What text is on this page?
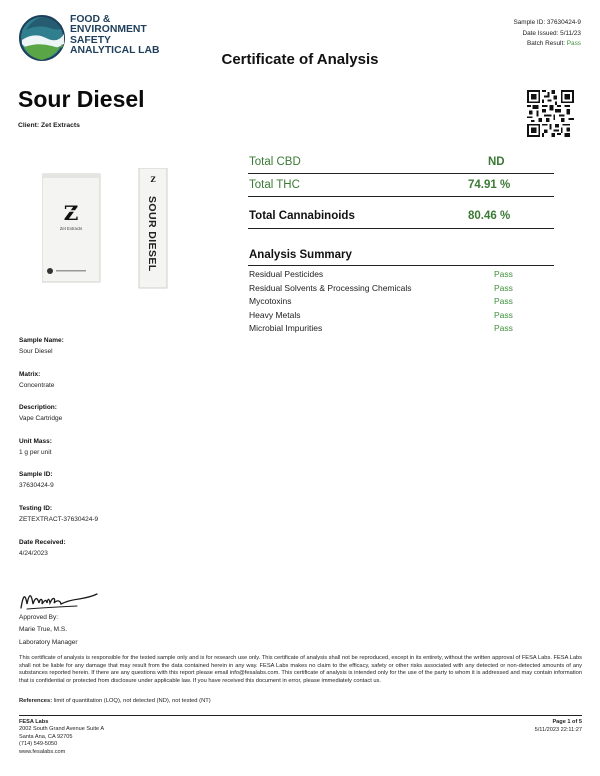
FOOD &
ENVIRONMENT
SAFETY
ANALYTICAL LAB
Certificate of Analysis
Sample ID: 37630424-9
Date Issued: 5/11/23
Batch Result: Pass
Sour Diesel
Client: Zet Extracts
Z
Zet Extracts
Z
SOUR DIESEL
Total CBD	ND
Total THC	74.91 %
Total Cannabinoids	80.46 %
Analysis Summary
Residual Pesticides	Pass
Residual Solvents & Processing Chemicals	Pass
Mycotoxins	Pass
Heavy Metals	Pass
Microbial Impurities	Pass
Sample Name:
Sour Diesel
Matrix:
Concentrate
Description:
Vape Cartridge
Unit Mass:
1 g per unit
Sample ID:
37630424-9
Testing ID:
ZETEXTRACT-37630424-9
Date Received:
4/24/2023
Approved By:
Marie True, M.S.
Laboratory Manager
This certificate of analysis is responsible for the tested sample only and is for research use only. This certificate of analysis shall not be reproduced, except in its entirety, without the written approval of FESA Labs. FESA Labs shall not be liable for any damage that may result from the data contained herein in any way. FESA Labs makes no claim to the efficacy, safety or other risks associated with any detected or non-detected amounts of any substances reported herein. If there are any questions with this report please email info@fesalabs.com. This certificate of analysis is intended only for the use of the party to whom it is addressed and may contain information that is confidential or protected from disclosure under applicable law. If you have received this document in error, please immediately contact us.
References: limit of quantitation (LOQ), not detected (ND), not tested (NT)
FESA Labs
2002 South Grand Avenue Suite A
Santa Ana, CA 92705
(714) 549-5050
www.fesalabs.com
Page 1 of 5
5/11/2023 22:11:27
